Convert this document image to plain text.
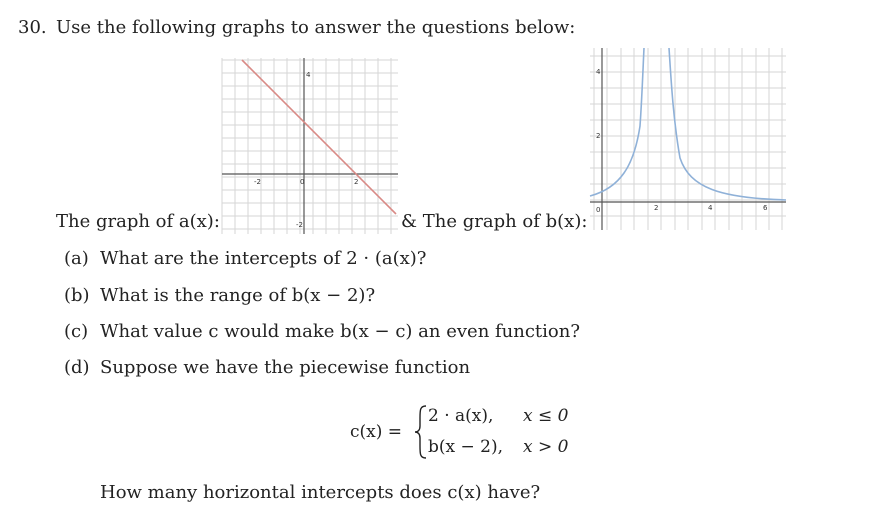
30. Use the following graphs to answer the questions below:
-2	0	2
4
-2
0	2	4	6
4
2
The graph of a(x):	& The graph of b(x):
(a) What are the intercepts of 2 · (a(x)?
(b) What is the range of b(x − 2)?
(c) What value c would make b(x − c) an even function?
(d) Suppose we have the piecewise function
c(x) =
2 · a(x), x ≤ 0
b(x − 2), x > 0
How many horizontal intercepts does c(x) have?
